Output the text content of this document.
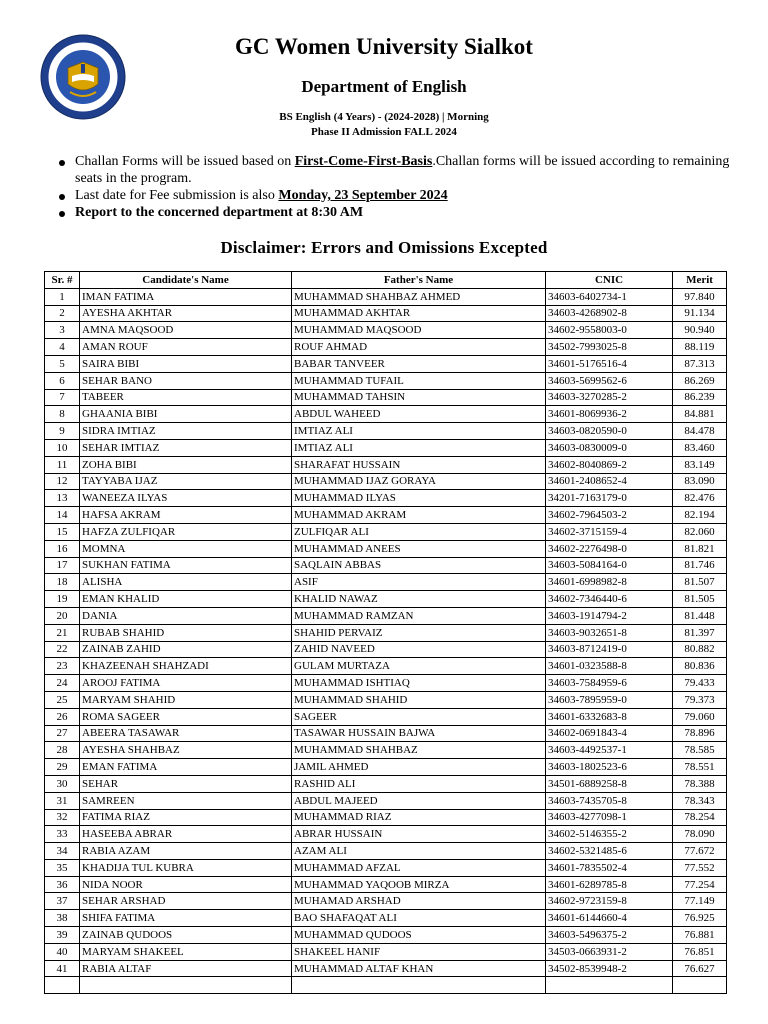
GC Women University Sialkot
Department of English
BS English (4 Years) - (2024-2028) | Morning
Phase II Admission FALL 2024
Challan Forms will be issued based on First-Come-First-Basis.Challan forms will be issued according to remaining seats in the program.
Last date for Fee submission is also Monday, 23 September 2024
Report to the concerned department at 8:30 AM
Disclaimer: Errors and Omissions Excepted
Sr. #	Candidate's Name	Father's Name	CNIC	Merit
1	IMAN FATIMA	MUHAMMAD SHAHBAZ AHMED	34603-6402734-1	97.840
2	AYESHA AKHTAR	MUHAMMAD AKHTAR	34603-4268902-8	91.134
3	AMNA MAQSOOD	MUHAMMAD MAQSOOD	34602-9558003-0	90.940
4	AMAN ROUF	ROUF AHMAD	34502-7993025-8	88.119
5	SAIRA BIBI	BABAR TANVEER	34601-5176516-4	87.313
6	SEHAR BANO	MUHAMMAD TUFAIL	34603-5699562-6	86.269
7	TABEER	MUHAMMAD TAHSIN	34603-3270285-2	86.239
8	GHAANIA BIBI	ABDUL WAHEED	34601-8069936-2	84.881
9	SIDRA IMTIAZ	IMTIAZ ALI	34603-0820590-0	84.478
10	SEHAR IMTIAZ	IMTIAZ ALI	34603-0830009-0	83.460
11	ZOHA BIBI	SHARAFAT HUSSAIN	34602-8040869-2	83.149
12	TAYYABA IJAZ	MUHAMMAD IJAZ GORAYA	34601-2408652-4	83.090
13	WANEEZA ILYAS	MUHAMMAD ILYAS	34201-7163179-0	82.476
14	HAFSA AKRAM	MUHAMMAD AKRAM	34602-7964503-2	82.194
15	HAFZA ZULFIQAR	ZULFIQAR ALI	34602-3715159-4	82.060
16	MOMNA	MUHAMMAD ANEES	34602-2276498-0	81.821
17	SUKHAN FATIMA	SAQLAIN ABBAS	34603-5084164-0	81.746
18	ALISHA	ASIF	34601-6998982-8	81.507
19	EMAN KHALID	KHALID NAWAZ	34602-7346440-6	81.505
20	DANIA	MUHAMMAD RAMZAN	34603-1914794-2	81.448
21	RUBAB SHAHID	SHAHID PERVAIZ	34603-9032651-8	81.397
22	ZAINAB ZAHID	ZAHID NAVEED	34603-8712419-0	80.882
23	KHAZEENAH SHAHZADI	GULAM MURTAZA	34601-0323588-8	80.836
24	AROOJ FATIMA	MUHAMMAD ISHTIAQ	34603-7584959-6	79.433
25	MARYAM SHAHID	MUHAMMAD SHAHID	34603-7895959-0	79.373
26	ROMA SAGEER	SAGEER	34601-6332683-8	79.060
27	ABEERA TASAWAR	TASAWAR HUSSAIN BAJWA	34602-0691843-4	78.896
28	AYESHA SHAHBAZ	MUHAMMAD SHAHBAZ	34603-4492537-1	78.585
29	EMAN FATIMA	JAMIL AHMED	34603-1802523-6	78.551
30	SEHAR	RASHID ALI	34501-6889258-8	78.388
31	SAMREEN	ABDUL MAJEED	34603-7435705-8	78.343
32	FATIMA RIAZ	MUHAMMAD RIAZ	34603-4277098-1	78.254
33	HASEEBA ABRAR	ABRAR HUSSAIN	34602-5146355-2	78.090
34	RABIA AZAM	AZAM ALI	34602-5321485-6	77.672
35	KHADIJA TUL KUBRA	MUHAMMAD AFZAL	34601-7835502-4	77.552
36	NIDA NOOR	MUHAMMAD YAQOOB MIRZA	34601-6289785-8	77.254
37	SEHAR ARSHAD	MUHAMAD ARSHAD	34602-9723159-8	77.149
38	SHIFA FATIMA	BAO SHAFAQAT ALI	34601-6144660-4	76.925
39	ZAINAB QUDOOS	MUHAMMAD QUDOOS	34603-5496375-2	76.881
40	MARYAM SHAKEEL	SHAKEEL HANIF	34503-0663931-2	76.851
41	RABIA ALTAF	MUHAMMAD ALTAF KHAN	34502-8539948-2	76.627
